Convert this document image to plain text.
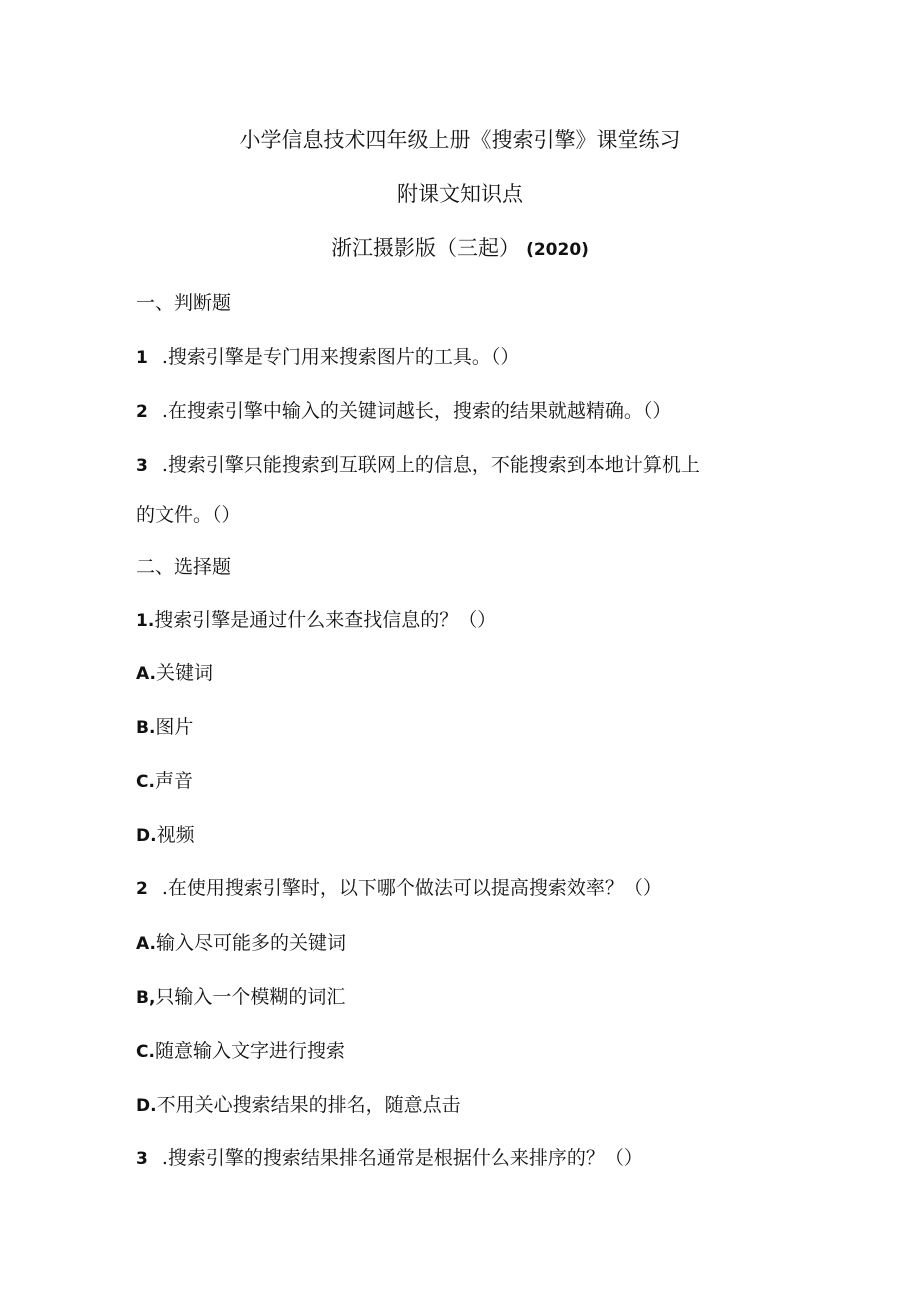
小学信息技术四年级上册《搜索引擎》课堂练习
附课文知识点
浙江摄影版（三起） (2020)
一、判断题
1 .搜索引擎是专门用来搜索图片的工具。（）
2 .在搜索引擎中输入的关键词越长，搜索的结果就越精确。（）
3 .搜索引擎只能搜索到互联网上的信息，不能搜索到本地计算机上
的文件。（）
二、选择题
1.搜索引擎是通过什么来查找信息的？（）
A.关键词
B.图片
C.声音
D.视频
2 .在使用搜索引擎时，以下哪个做法可以提高搜索效率？（）
A.输入尽可能多的关键词
B,只输入一个模糊的词汇
C.随意输入文字进行搜索
D.不用关心搜索结果的排名，随意点击
3 .搜索引擎的搜索结果排名通常是根据什么来排序的？（）
